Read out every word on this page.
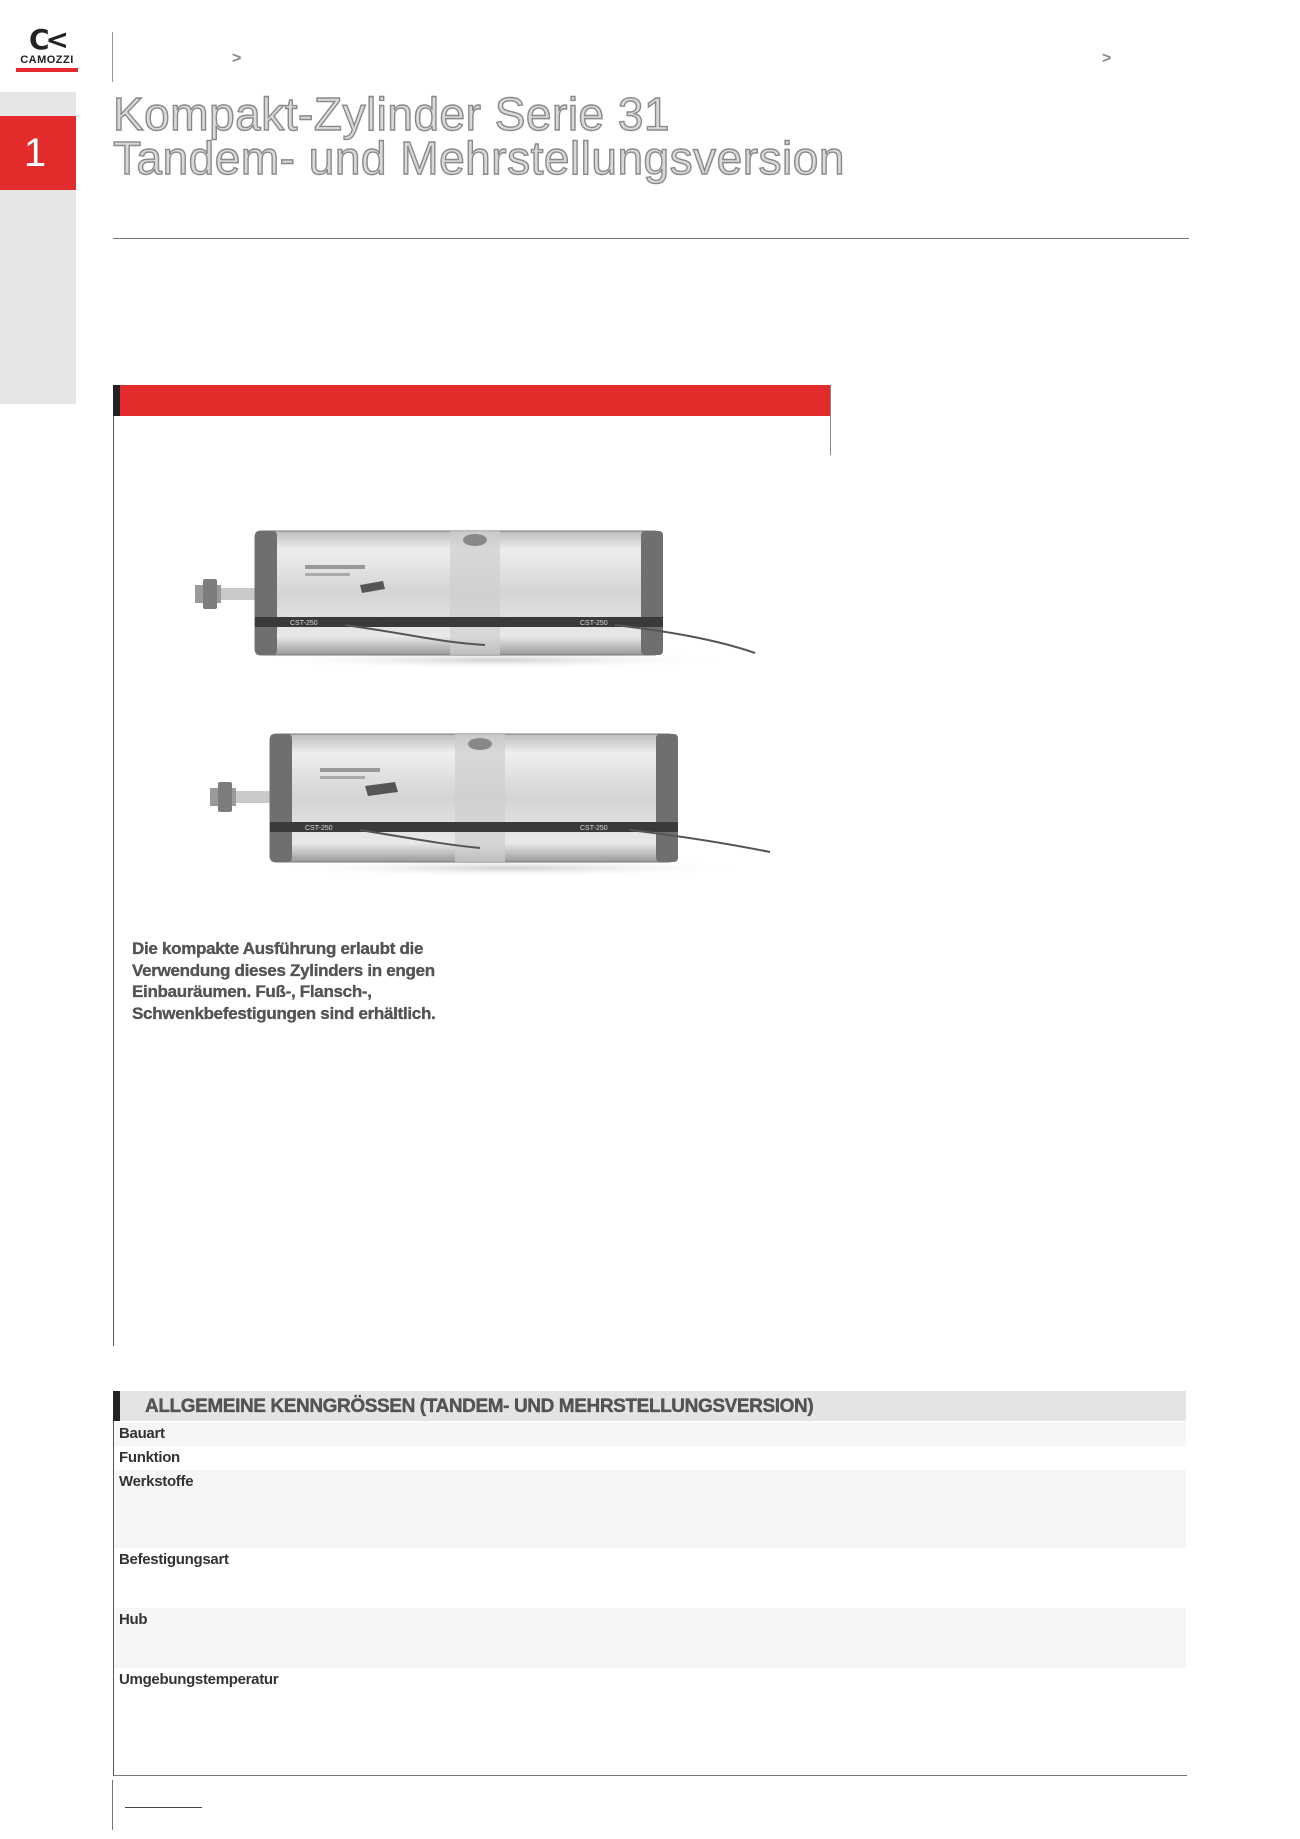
C<
CAMOZZI
1
>	>
Kompakt-Zylinder Serie 31
Tandem- und Mehrstellungsversion
CST-250	CST-250
CST-250	CST-250
Die kompakte Ausführung erlaubt die Verwendung dieses Zylinders in engen Einbauräumen. Fuß-, Flansch-, Schwenkbefestigungen sind erhältlich.
ALLGEMEINE KENNGRÖSSEN (TANDEM- UND MEHRSTELLUNGSVERSION)
Bauart
Funktion
Werkstoffe
Befestigungsart
Hub
Umgebungstemperatur
